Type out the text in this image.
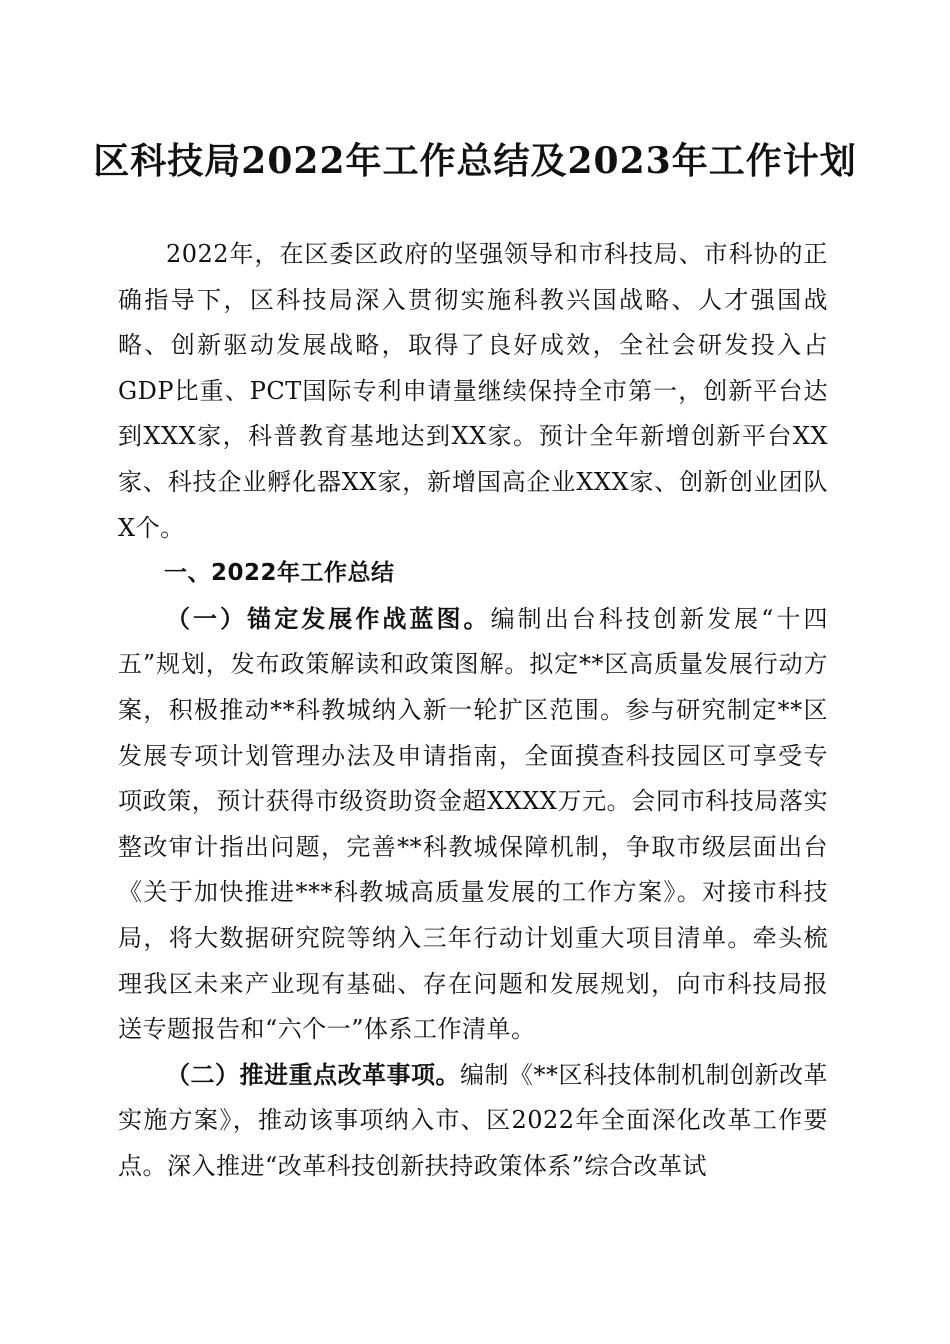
区科技局2022年工作总结及2023年工作计划

2022年，在区委区政府的坚强领导和市科技局、市科协的正确指导下，区科技局深入贯彻实施科教兴国战略、人才强国战略、创新驱动发展战略，取得了良好成效，全社会研发投入占GDP比重、PCT国际专利申请量继续保持全市第一，创新平台达到XXX家，科普教育基地达到XX家。预计全年新增创新平台XX家、科技企业孵化器XX家，新增国高企业XXX家、创新创业团队X个。

一、2022年工作总结

（一）锚定发展作战蓝图。编制出台科技创新发展“十四五”规划，发布政策解读和政策图解。拟定**区高质量发展行动方案，积极推动**科教城纳入新一轮扩区范围。参与研究制定**区发展专项计划管理办法及申请指南，全面摸查科技园区可享受专项政策，预计获得市级资助资金超XXXX万元。会同市科技局落实整改审计指出问题，完善**科教城保障机制，争取市级层面出台《关于加快推进***科教城高质量发展的工作方案》。对接市科技局，将大数据研究院等纳入三年行动计划重大项目清单。牵头梳理我区未来产业现有基础、存在问题和发展规划，向市科技局报送专题报告和“六个一”体系工作清单。

（二）推进重点改革事项。编制《**区科技体制机制创新改革实施方案》，推动该事项纳入市、区2022年全面深化改革工作要点。深入推进“改革科技创新扶持政策体系”综合改革试
